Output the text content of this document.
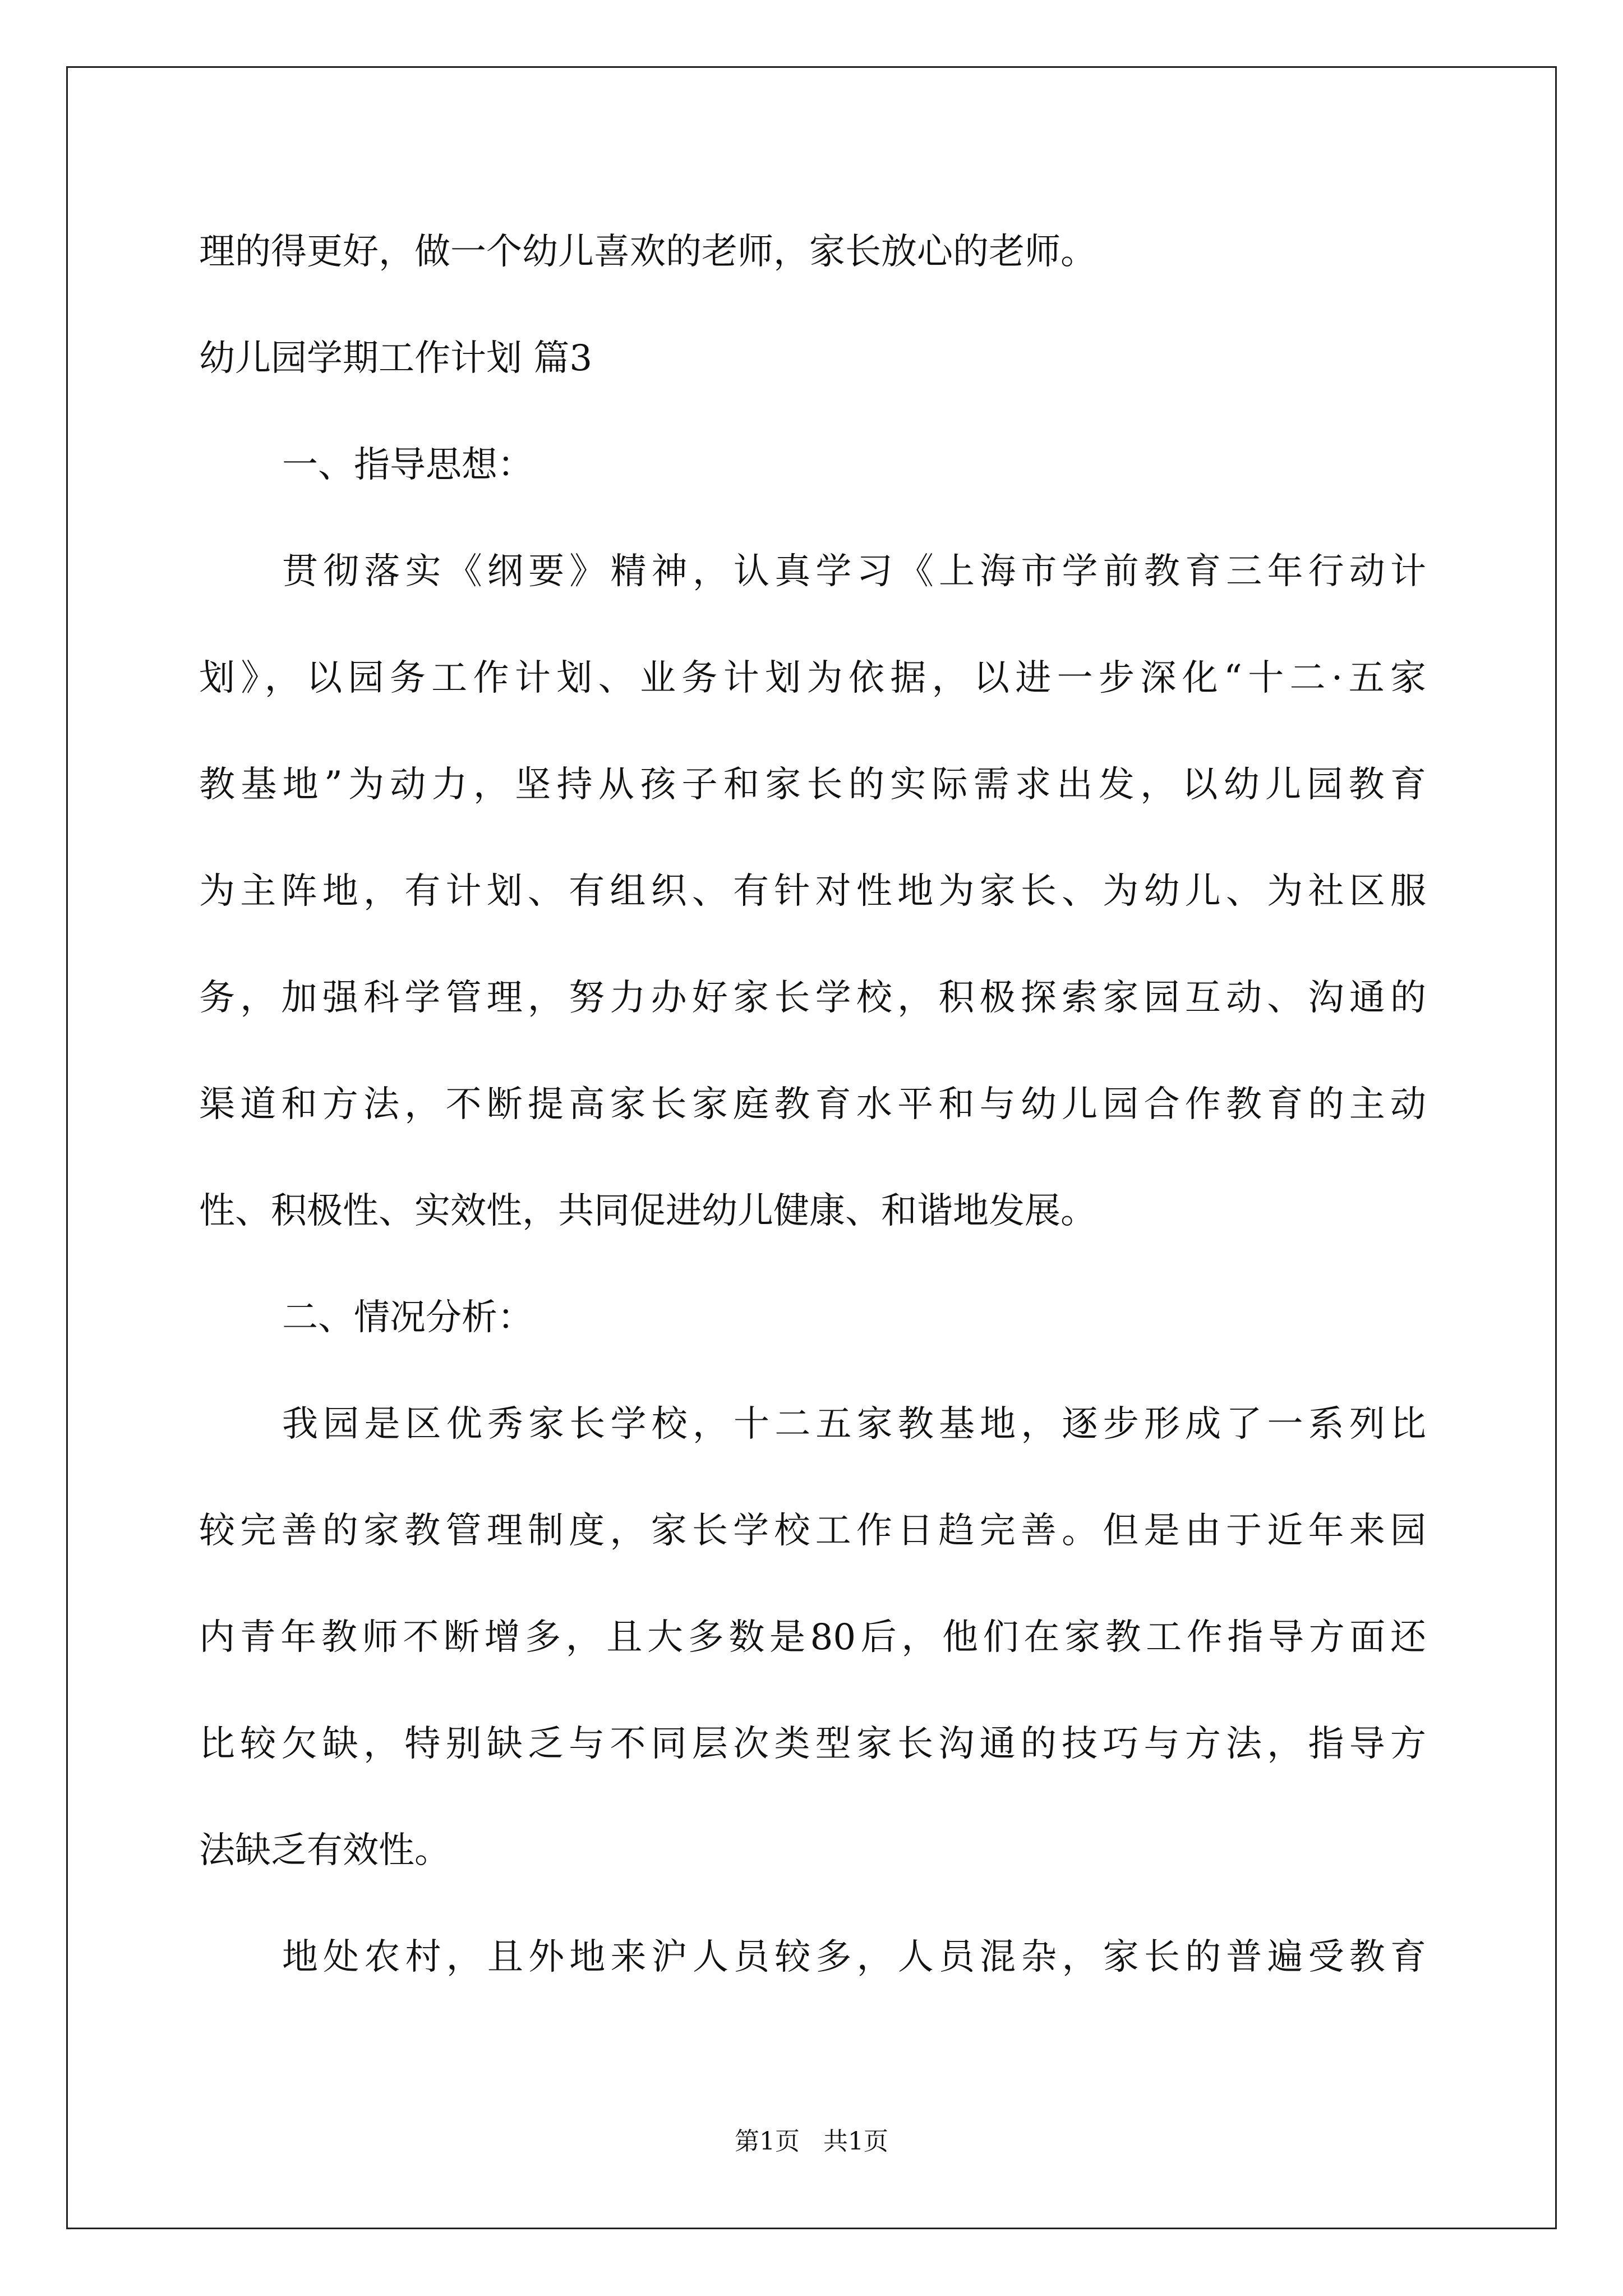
理的得更好，做一个幼儿喜欢的老师，家长放心的老师。
幼儿园学期工作计划 篇3
一、指导思想：
贯彻落实《纲要》精神，认真学习《上海市学前教育三年行动计
划》，以园务工作计划、业务计划为依据，以进一步深化“十二·五家
教基地”为动力，坚持从孩子和家长的实际需求出发，以幼儿园教育
为主阵地，有计划、有组织、有针对性地为家长、为幼儿、为社区服
务，加强科学管理，努力办好家长学校，积极探索家园互动、沟通的
渠道和方法，不断提高家长家庭教育水平和与幼儿园合作教育的主动
性、积极性、实效性，共同促进幼儿健康、和谐地发展。
二、情况分析：
我园是区优秀家长学校，十二五家教基地，逐步形成了一系列比
较完善的家教管理制度，家长学校工作日趋完善。但是由于近年来园
内青年教师不断增多，且大多数是80后，他们在家教工作指导方面还
比较欠缺，特别缺乏与不同层次类型家长沟通的技巧与方法，指导方
法缺乏有效性。
地处农村，且外地来沪人员较多，人员混杂，家长的普遍受教育
第1页 共1页
